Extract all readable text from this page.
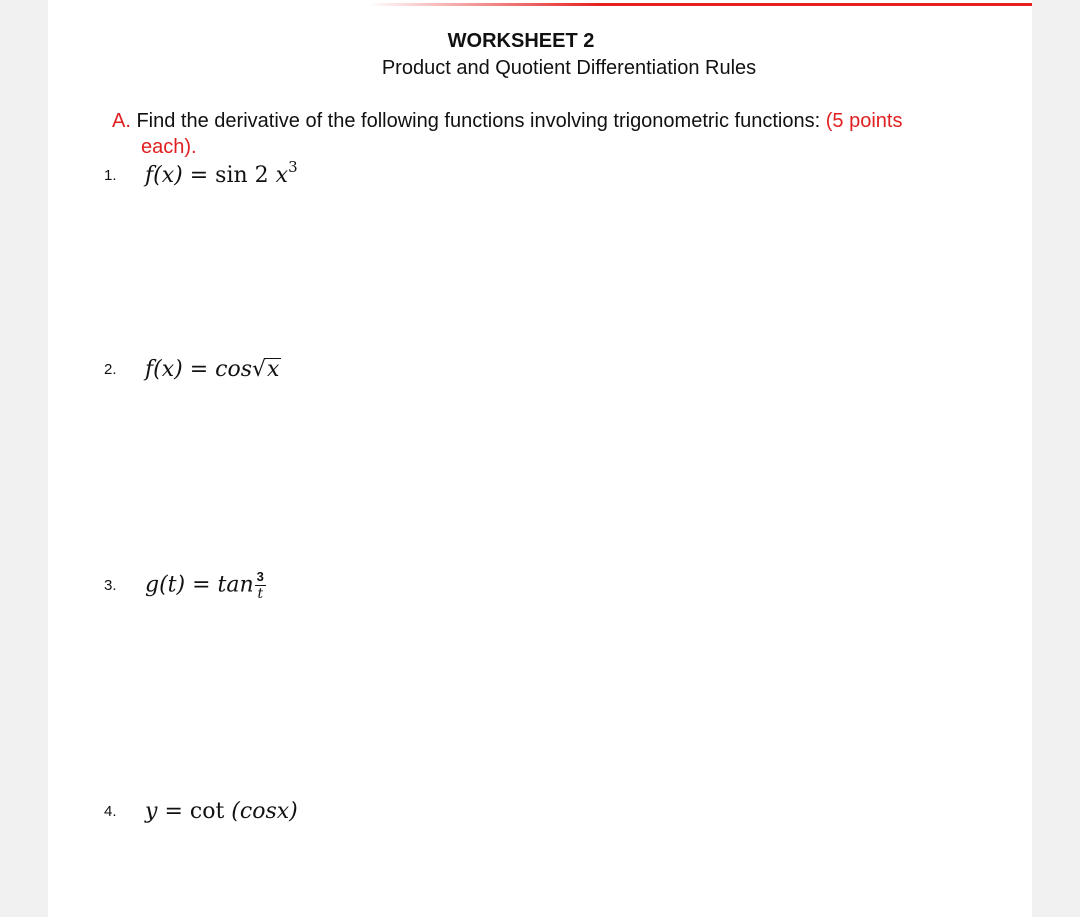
WORKSHEET 2
Product and Quotient Differentiation Rules
A. Find the derivative of the following functions involving trigonometric functions: (5 points each).
1. f(x) = sin 2 $x^3$
2. f(x) = cos√x
3. $g(t) = \tan \frac{3}{t}$
4. y = cot (cosx)
